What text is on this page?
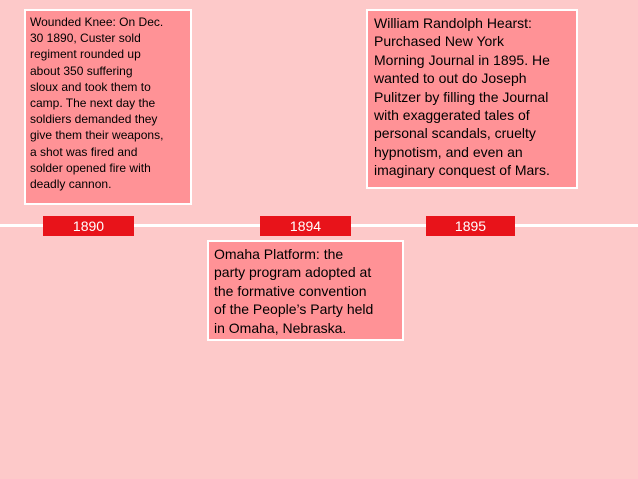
1890	1894	1895
Wounded Knee: On Dec.
30 1890, Custer sold
regiment rounded up
about 350 suffering
sloux and took them to
camp. The next day the
soldiers demanded they
give them their weapons,
a shot was fired and
solder opened fire with
deadly cannon.
William Randolph Hearst:
Purchased New York
Morning Journal in 1895. He
wanted to out do Joseph
Pulitzer by filling the Journal
with exaggerated tales of
personal scandals, cruelty
hypnotism, and even an
imaginary conquest of Mars.
Omaha Platform: the
party program adopted at
the formative convention
of the People’s Party held
in Omaha, Nebraska.
